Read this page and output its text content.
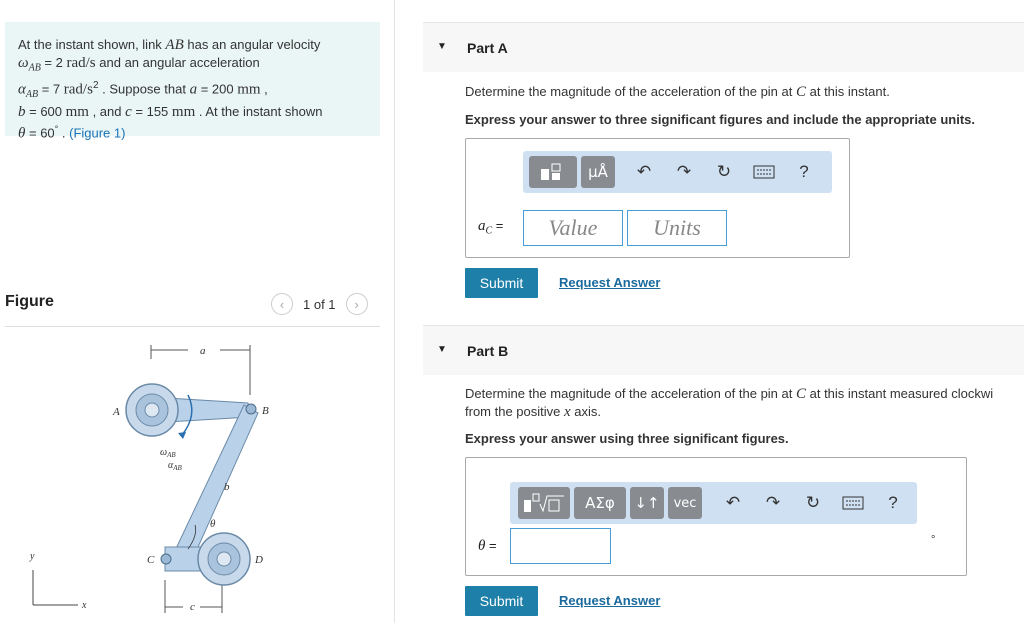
At the instant shown, link AB has an angular velocity
$\omega_{AB} = 2$ rad/s and an angular acceleration
$\alpha_{AB} = 7$ rad/$s^2$ . Suppose that a = 200 mm ,
b = 600 mm , and c = 155 mm . At the instant shown
θ = 60° . (Figure 1)
Figure	‹ 1 of 1 ›
a
c
θ
A	B
C	D
b
$\omega_{AB}$
$\alpha_{AB}$
y
x
▼ Part A
Determine the magnitude of the acceleration of the pin at C at this instant.
Express your answer to three significant figures and include the appropriate units.
μÅ	↶	↷	↻	?
$a_C$ =	Value	Units
Submit	Request Answer
▼ Part B
Determine the magnitude of the acceleration of the pin at C at this instant measured clockwi
from the positive x axis.
Express your answer using three significant figures.
ΑΣφ	↓↑	vec	↶	↷	↻	?
θ =	°
Submit	Request Answer
